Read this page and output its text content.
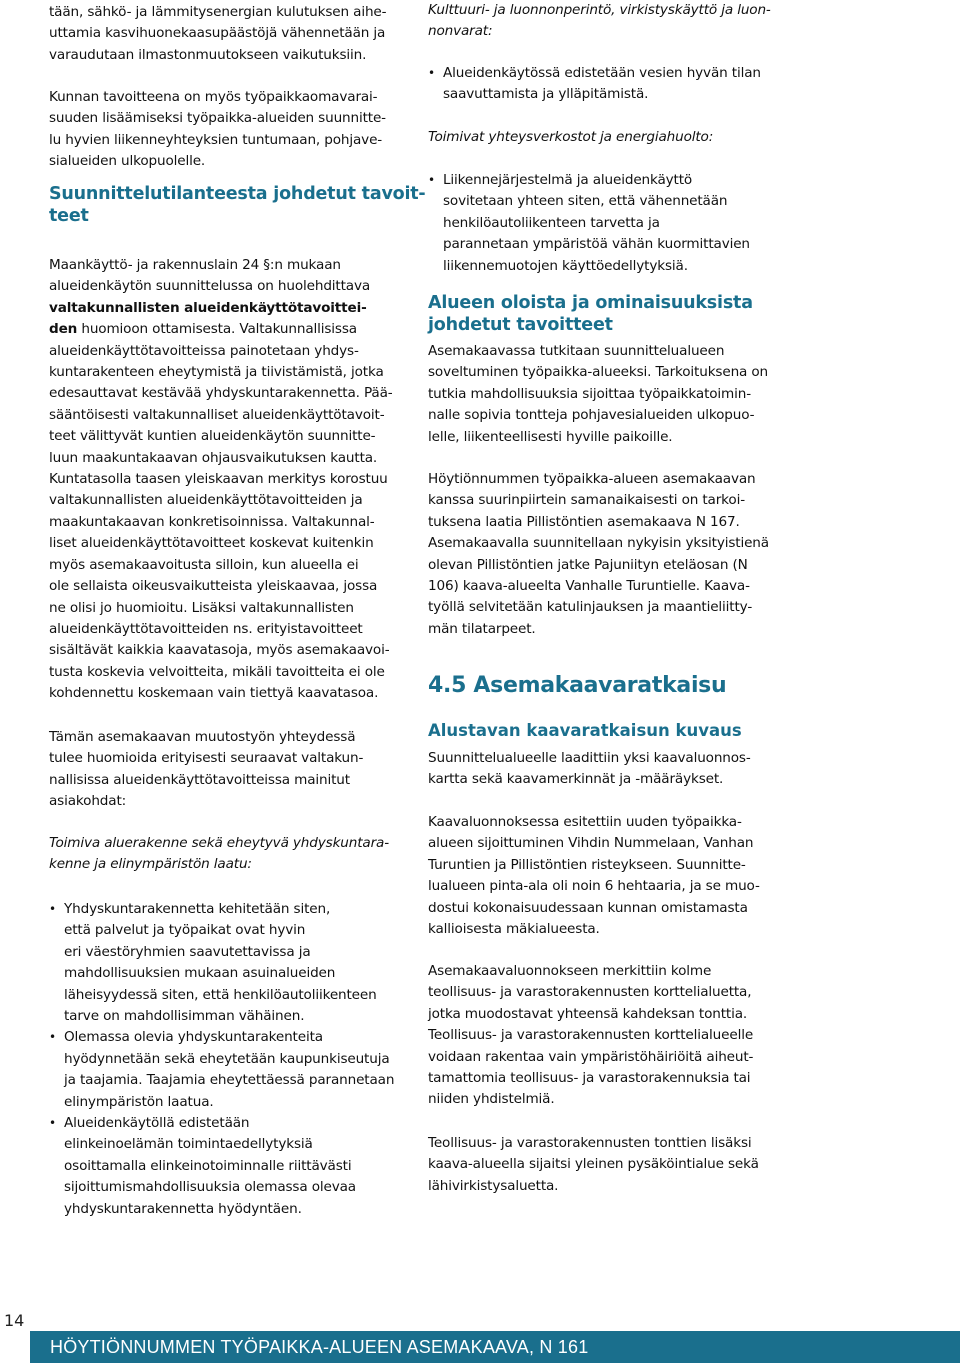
tään, sähkö- ja lämmitysenergian kulutuksen aihe-
uttamia kasvihuonekaasupäästöjä vähennetään ja
varaudutaan ilmastonmuutokseen vaikutuksiin.

Kunnan tavoitteena on myös työpaikkaomavarai-
suuden lisäämiseksi työpaikka-alueiden suunnitte-
lu hyvien liikenneyhteyksien tuntumaan, pohjave-
sialueiden ulkopuolelle.

Suunnittelutilanteesta johdetut tavoit-
teet

Maankäyttö- ja rakennuslain 24 §:n mukaan
alueidenkäytön suunnittelussa on huolehdittava
valtakunnallisten alueidenkäyttötavoittei-
den huomioon ottamisesta. Valtakunnallisissa
alueidenkäyttötavoitteissa painotetaan yhdys-
kuntarakenteen eheytymistä ja tiivistämistä, jotka
edesauttavat kestävää yhdyskuntarakennetta. Pää-
sääntöisesti valtakunnalliset alueidenkäyttötavoit-
teet välittyvät kuntien alueidenkäytön suunnitte-
luun maakuntakaavan ohjausvaikutuksen kautta.
Kuntatasolla taasen yleiskaavan merkitys korostuu
valtakunnallisten alueidenkäyttötavoitteiden ja
maakuntakaavan konkretisoinnissa. Valtakunnal-
liset alueidenkäyttötavoitteet koskevat kuitenkin
myös asemakaavoitusta silloin, kun alueella ei
ole sellaista oikeusvaikutteista yleiskaavaa, jossa
ne olisi jo huomioitu. Lisäksi valtakunnallisten
alueidenkäyttötavoitteiden ns. erityistavoitteet
sisältävät kaikkia kaavatasoja, myös asemakaavoi-
tusta koskevia velvoitteita, mikäli tavoitteita ei ole
kohdennettu koskemaan vain tiettyä kaavatasoa.

Tämän asemakaavan muutostyön yhteydessä
tulee huomioida erityisesti seuraavat valtakun-
nallisissa alueidenkäyttötavoitteissa mainitut
asiakohdat:

Toimiva aluerakenne sekä eheytyvä yhdyskuntara-
kenne ja elinympäristön laatu:

• Yhdyskuntarakennetta kehitetään siten,
että palvelut ja työpaikat ovat hyvin
eri väestöryhmien saavutettavissa ja
mahdollisuuksien mukaan asuinalueiden
läheisyydessä siten, että henkilöautoliikenteen
tarve on mahdollisimman vähäinen.
• Olemassa olevia yhdyskuntarakenteita
hyödynnetään sekä eheytetään kaupunkiseutuja
ja taajamia. Taajamia eheytettäessä parannetaan
elinympäristön laatua.
• Alueidenkäytöllä edistetään
elinkeinoelämän toimintaedellytyksiä
osoittamalla elinkeinotoiminnalle riittävästi
sijoittumismahdollisuuksia olemassa olevaa
yhdyskuntarakennetta hyödyntäen.

Kulttuuri- ja luonnonperintö, virkistyskäyttö ja luon-
nonvarat:

• Alueidenkäytössä edistetään vesien hyvän tilan
saavuttamista ja ylläpitämistä.

Toimivat yhteysverkostot ja energiahuolto:

• Liikennejärjestelmä ja alueidenkäyttö
sovitetaan yhteen siten, että vähennetään
henkilöautoliikenteen tarvetta ja
parannetaan ympäristöä vähän kuormittavien
liikennemuotojen käyttöedellytyksiä.
Alueen oloista ja ominaisuuksista
johdetut tavoitteet

Asemakaavassa tutkitaan suunnittelualueen
soveltuminen työpaikka-alueeksi. Tarkoituksena on
tutkia mahdollisuuksia sijoittaa työpaikkatoimin-
nalle sopivia tontteja pohjavesialueiden ulkopuo-
lelle, liikenteellisesti hyville paikoille.

Höytiönnummen työpaikka-alueen asemakaavan
kanssa suurinpiirtein samanaikaisesti on tarkoi-
tuksena laatia Pillistöntien asemakaava N 167.
Asemakaavalla suunnitellaan nykyisin yksityistienä
olevan Pillistöntien jatke Pajuniityn eteläosan (N
106) kaava-alueelta Vanhalle Turuntielle. Kaava-
työllä selvitetään katulinjauksen ja maantieliitty-
män tilatarpeet.

4.5 Asemakaavaratkaisu
Alustavan kaavaratkaisun kuvaus

Suunnittelualueelle laadittiin yksi kaavaluonnos-
kartta sekä kaavamerkinnät ja -määräykset.

Kaavaluonnoksessa esitettiin uuden työpaikka-
alueen sijoittuminen Vihdin Nummelaan, Vanhan
Turuntien ja Pillistöntien risteykseen. Suunnitte-
lualueen pinta-ala oli noin 6 hehtaaria, ja se muo-
dostui kokonaisuudessaan kunnan omistamasta
kallioisesta mäkialueesta.

Asemakaavaluonnokseen merkittiin kolme
teollisuus- ja varastorakennusten korttelialuetta,
jotka muodostavat yhteensä kahdeksan tonttia.
Teollisuus- ja varastorakennusten korttelialueelle
voidaan rakentaa vain ympäristöhäiriöitä aiheut-
tamattomia teollisuus- ja varastorakennuksia tai
niiden yhdistelmiä.

Teollisuus- ja varastorakennusten tonttien lisäksi
kaava-alueella sijaitsi yleinen pysäköintialue sekä
lähivirkistysaluetta.

14
HÖYTIÖNNUMMEN TYÖPAIKKA-ALUEEN ASEMAKAAVA, N 161
